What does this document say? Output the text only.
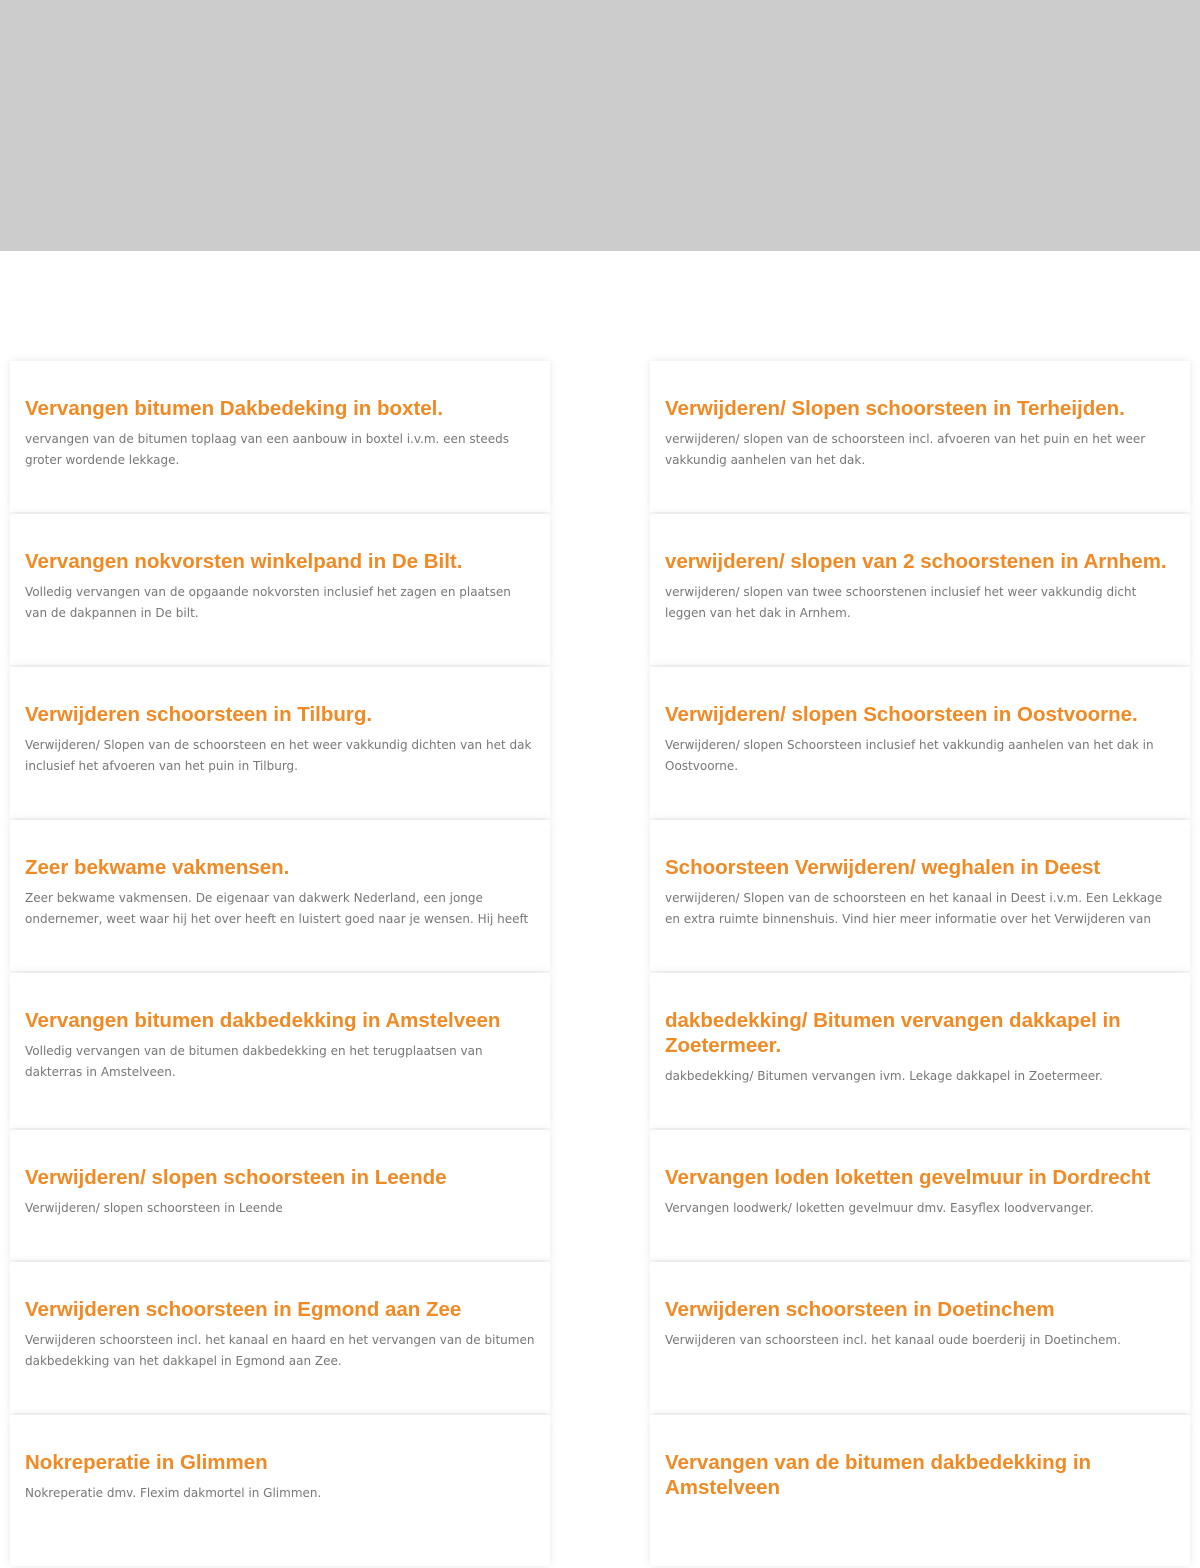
Vervangen bitumen Dakbedeking in boxtel.

vervangen van de bitumen toplaag van een aanbouw in boxtel i.v.m. een steeds groter wordende lekkage.

Vervangen nokvorsten winkelpand in De Bilt.

Volledig vervangen van de opgaande nokvorsten inclusief het zagen en plaatsen van de dakpannen in De bilt.

Verwijderen schoorsteen in Tilburg.

Verwijderen/ Slopen van de schoorsteen en het weer vakkundig dichten van het dak inclusief het afvoeren van het puin in Tilburg.

Zeer bekwame vakmensen.

Zeer bekwame vakmensen. De eigenaar van dakwerk Nederland, een jonge ondernemer, weet waar hij het over heeft en luistert goed naar je wensen. Hij heeft

Vervangen bitumen dakbedekking in Amstelveen

Volledig vervangen van de bitumen dakbedekking en het terugplaatsen van dakterras in Amstelveen.

Verwijderen/ slopen schoorsteen in Leende

Verwijderen/ slopen schoorsteen in Leende

Verwijderen schoorsteen in Egmond aan Zee

Verwijderen schoorsteen incl. het kanaal en haard en het vervangen van de bitumen dakbedekking van het dakkapel in Egmond aan Zee.

Nokreperatie in Glimmen

Nokreperatie dmv. Flexim dakmortel in Glimmen.

Verwijderen/ Slopen schoorsteen in Terheijden.

verwijderen/ slopen van de schoorsteen incl. afvoeren van het puin en het weer vakkundig aanhelen van het dak.

verwijderen/ slopen van 2 schoorstenen in Arnhem.

verwijderen/ slopen van twee schoorstenen inclusief het weer vakkundig dicht leggen van het dak in Arnhem.

Verwijderen/ slopen Schoorsteen in Oostvoorne.

Verwijderen/ slopen Schoorsteen inclusief het vakkundig aanhelen van het dak in Oostvoorne.

Schoorsteen Verwijderen/ weghalen in Deest

verwijderen/ Slopen van de schoorsteen en het kanaal in Deest i.v.m. Een Lekkage en extra ruimte binnenshuis. Vind hier meer informatie over het Verwijderen van

dakbedekking/ Bitumen vervangen dakkapel in Zoetermeer.

dakbedekking/ Bitumen vervangen ivm. Lekage dakkapel in Zoetermeer.

Vervangen loden loketten gevelmuur in Dordrecht

Vervangen loodwerk/ loketten gevelmuur dmv. Easyflex loodvervanger.

Verwijderen schoorsteen in Doetinchem

Verwijderen van schoorsteen incl. het kanaal oude boerderij in Doetinchem.

Vervangen van de bitumen dakbedekking in Amstelveen
